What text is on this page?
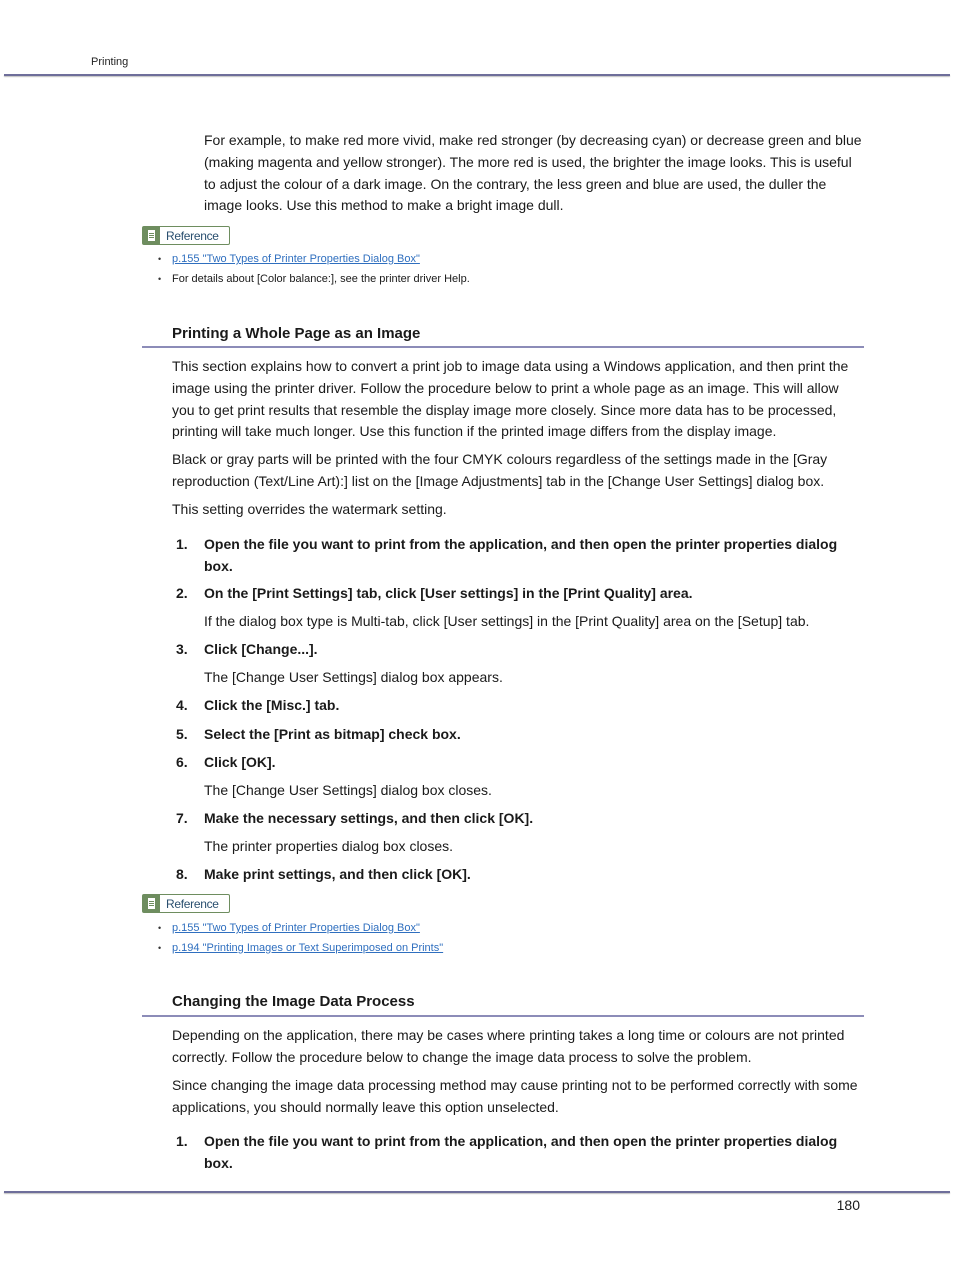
Printing

For example, to make red more vivid, make red stronger (by decreasing cyan) or decrease green and blue (making magenta and yellow stronger). The more red is used, the brighter the image looks. This is useful to adjust the colour of a dark image. On the contrary, the less green and blue are used, the duller the image looks. Use this method to make a bright image dull.

Reference
• p.155 "Two Types of Printer Properties Dialog Box"
• For details about [Color balance:], see the printer driver Help.
Printing a Whole Page as an Image

This section explains how to convert a print job to image data using a Windows application, and then print the image using the printer driver. Follow the procedure below to print a whole page as an image. This will allow you to get print results that resemble the display image more closely. Since more data has to be processed, printing will take much longer. Use this function if the printed image differs from the display image.

Black or gray parts will be printed with the four CMYK colours regardless of the settings made in the [Gray reproduction (Text/Line Art):] list on the [Image Adjustments] tab in the [Change User Settings] dialog box.

This setting overrides the watermark setting.

1.	Open the file you want to print from the application, and then open the printer properties dialog box.
2.	On the [Print Settings] tab, click [User settings] in the [Print Quality] area.

If the dialog box type is Multi-tab, click [User settings] in the [Print Quality] area on the [Setup] tab.

3.	Click [Change...].

The [Change User Settings] dialog box appears.

4.	Click the [Misc.] tab.
5.	Select the [Print as bitmap] check box.
6.	Click [OK].

The [Change User Settings] dialog box closes.

7.	Make the necessary settings, and then click [OK].

The printer properties dialog box closes.

8.	Make print settings, and then click [OK].
Reference
• p.155 "Two Types of Printer Properties Dialog Box"
• p.194 "Printing Images or Text Superimposed on Prints"
Changing the Image Data Process

Depending on the application, there may be cases where printing takes a long time or colours are not printed correctly. Follow the procedure below to change the image data process to solve the problem.

Since changing the image data processing method may cause printing not to be performed correctly with some applications, you should normally leave this option unselected.

1.	Open the file you want to print from the application, and then open the printer properties dialog box.
180
